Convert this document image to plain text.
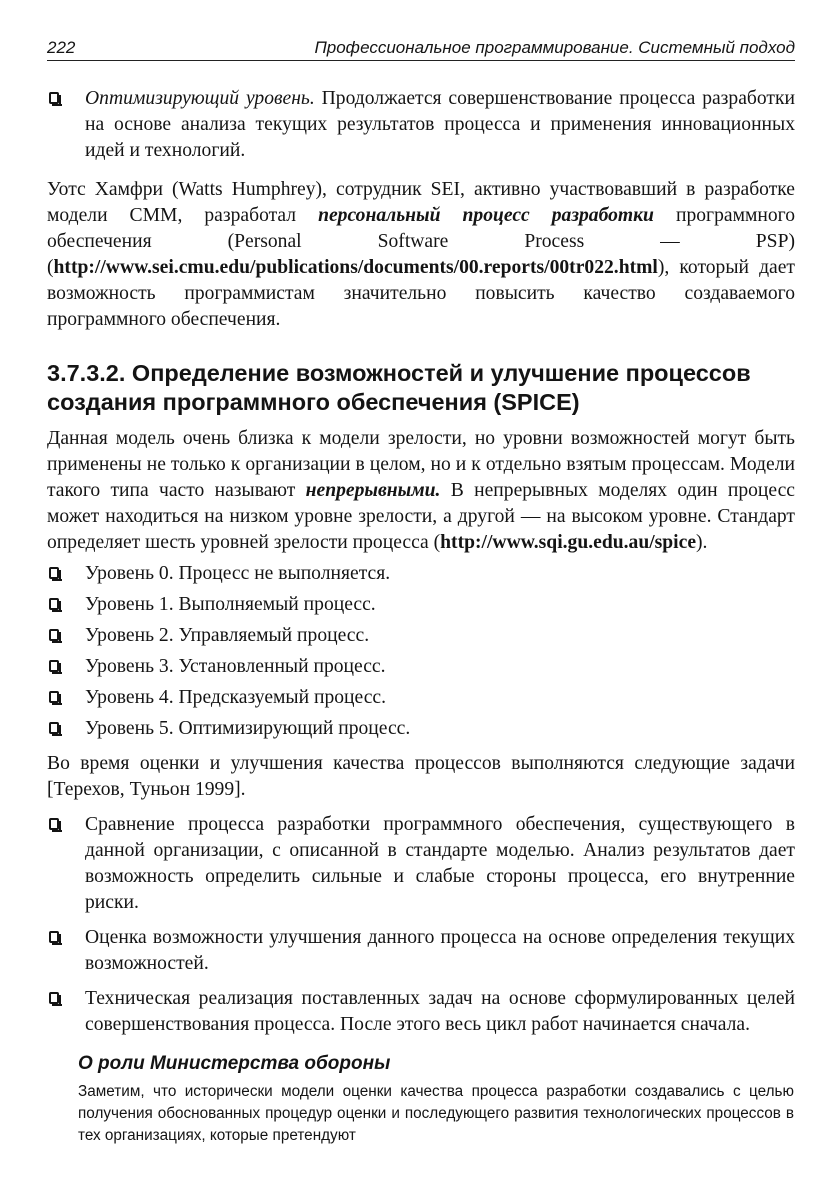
222	Профессиональное программирование. Системный подход
Оптимизирующий уровень. Продолжается совершенствование процесса разработки на основе анализа текущих результатов процесса и применения инновационных идей и технологий.

Уотс Хамфри (Watts Humphrey), сотрудник SEI, активно участвовавший в разработке модели CMM, разработал персональный процесс разработки программного обеспечения (Personal Software Process — PSP) (http://www.sei.cmu.edu/publications/documents/00.reports/00tr022.html), который дает возможность программистам значительно повысить качество создаваемого программного обеспечения.

3.7.3.2. Определение возможностей и улучшение процессов создания программного обеспечения (SPICE)

Данная модель очень близка к модели зрелости, но уровни возможностей могут быть применены не только к организации в целом, но и к отдельно взятым процессам. Модели такого типа часто называют непрерывными. В непрерывных моделях один процесс может находиться на низком уровне зрелости, а другой — на высоком уровне. Стандарт определяет шесть уровней зрелости процесса (http://www.sqi.gu.edu.au/spice).

Уровень 0. Процесс не выполняется.
Уровень 1. Выполняемый процесс.
Уровень 2. Управляемый процесс.
Уровень 3. Установленный процесс.
Уровень 4. Предсказуемый процесс.
Уровень 5. Оптимизирующий процесс.

Во время оценки и улучшения качества процессов выполняются следующие задачи [Терехов, Туньон 1999].

Сравнение процесса разработки программного обеспечения, существующего в данной организации, с описанной в стандарте моделью. Анализ результатов дает возможность определить сильные и слабые стороны процесса, его внутренние риски.
Оценка возможности улучшения данного процесса на основе определения текущих возможностей.
Техническая реализация поставленных задач на основе сформулированных целей совершенствования процесса. После этого весь цикл работ начинается сначала.
О роли Министерства обороны

Заметим, что исторически модели оценки качества процесса разработки создавались с целью получения обоснованных процедур оценки и последующего развития технологических процессов в тех организациях, которые претендуют
